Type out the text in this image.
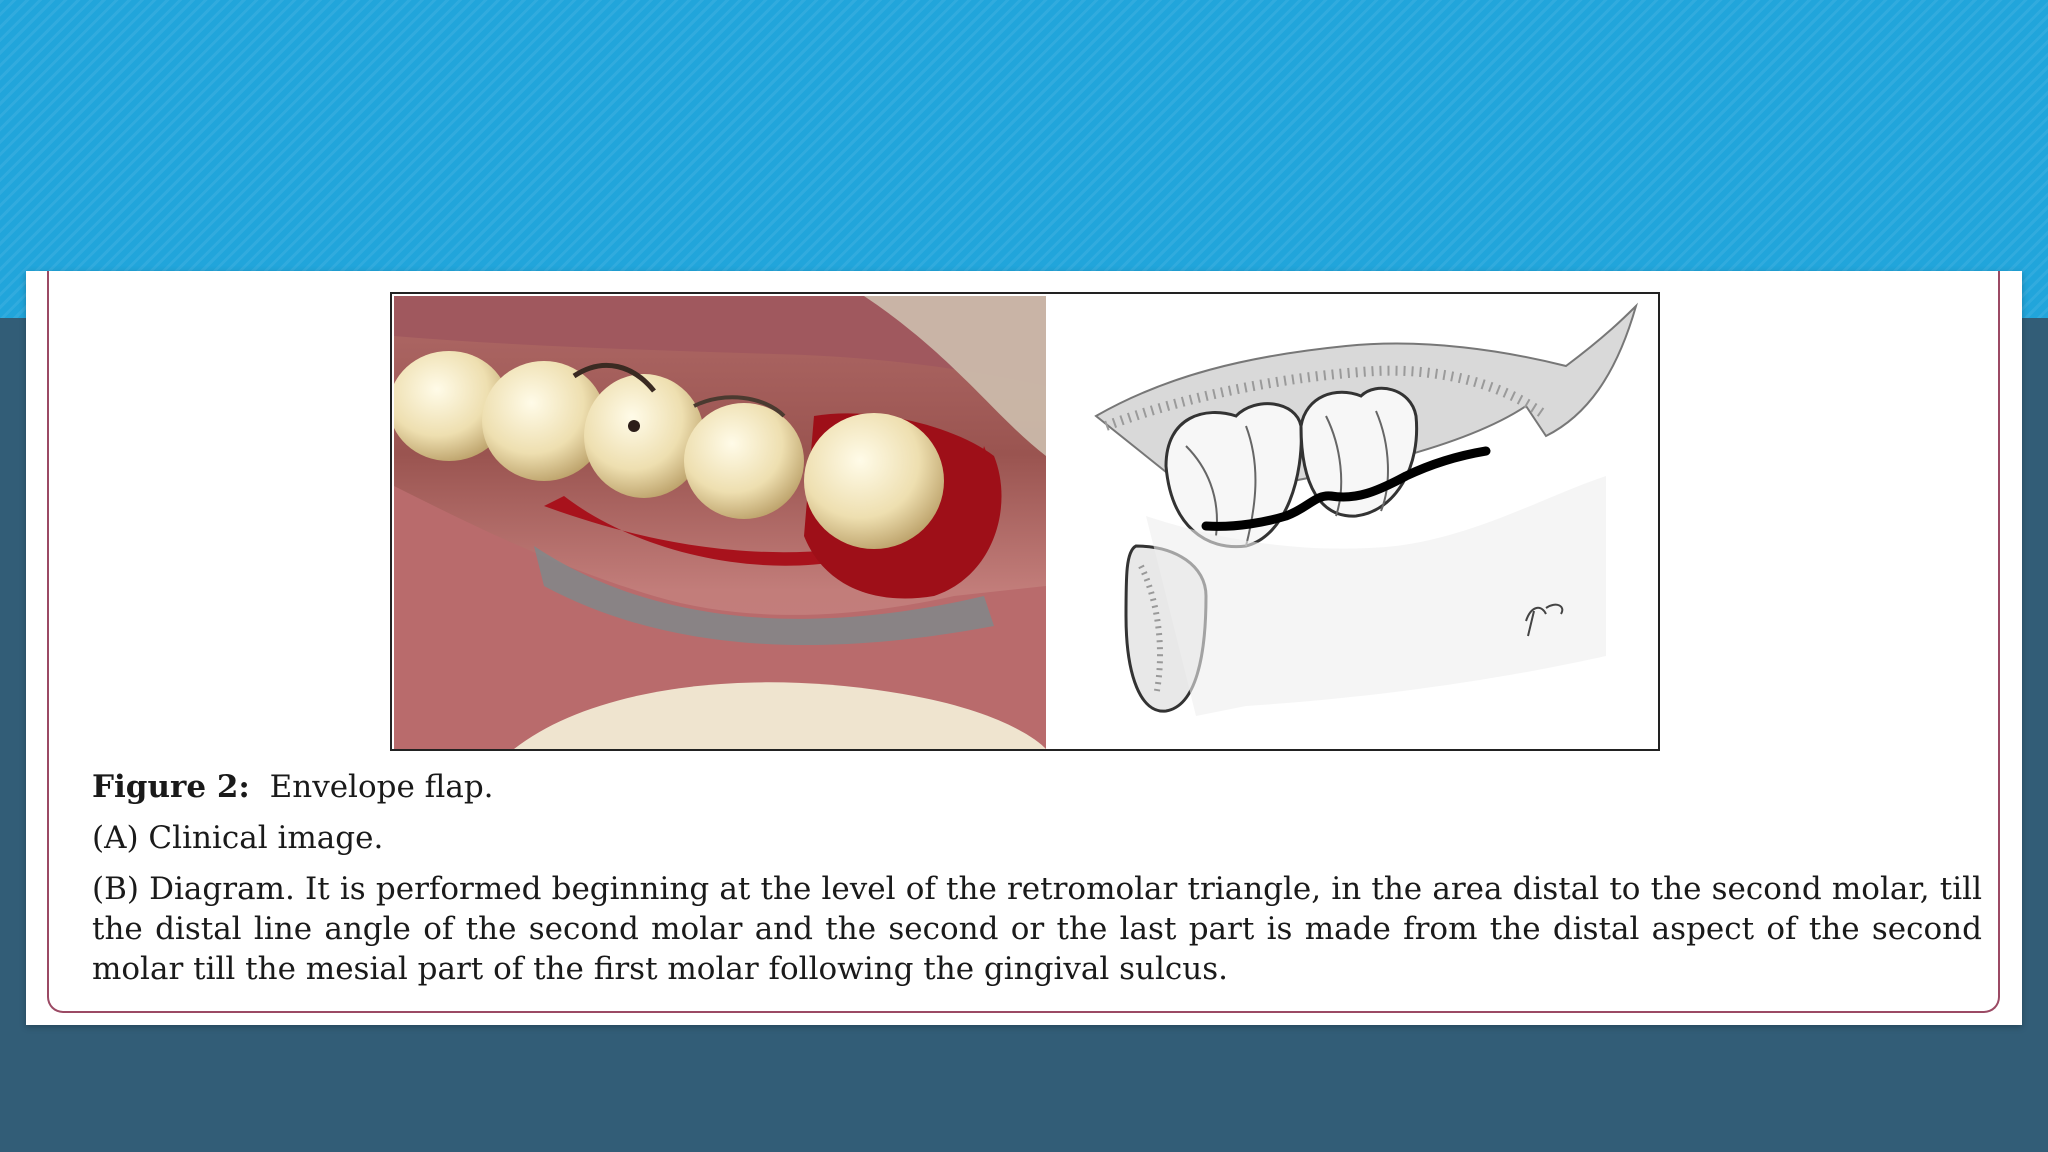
Figure 2: Envelope flap.
(A) Clinical image.
(B) Diagram. It is performed beginning at the level of the retromolar triangle, in the area distal to the second molar, till the distal line angle of the second molar and the second or the last part is made from the distal aspect of the second molar till the mesial part of the first molar following the gingival sulcus.
